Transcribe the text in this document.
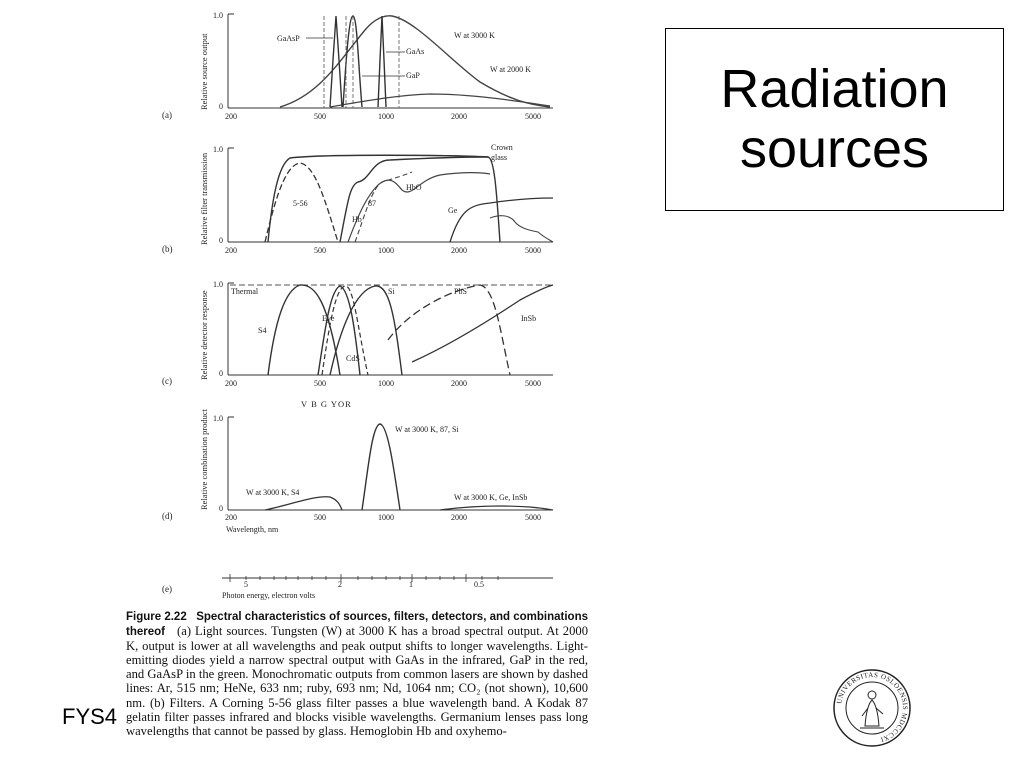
(a)
Relative source output
1.0
0
200	500	1000	2000	5000
GaAsP
GaAs
GaP
W at 3000 K
W at 2000 K
(b)
Relative filter transmission
1.0
0
200	500	1000	2000	5000
Crown
glass
HbO
5-56	87
Hb
Ge
(c)
Relative detector response
1.0
0
200	500	1000	2000	5000
Thermal	Si	PbS
S4
Eye	InSb
CdS
V B G YOR
(d)
Relative combination product 1.0
0
200	500	1000	2000	5000
Wavelength, nm
W at 3000 K, 87, Si
W at 3000 K, S4
W at 3000 K, Ge, InSb
(e)	5	2	1	0.5
Photon energy, electron volts
FYS4
Figure 2.22 Spectral characteristics of sources, filters, detectors, and combinations thereof (a) Light sources. Tungsten (W) at 3000 K has a broad spectral output. At 2000 K, output is lower at all wavelengths and peak output shifts to longer wavelengths. Light-emitting diodes yield a narrow spectral output with GaAs in the infrared, GaP in the red, and GaAsP in the green. Monochromatic outputs from common lasers are shown by dashed lines: Ar, 515 nm; HeNe, 633 nm; ruby, 693 nm; Nd, 1064 nm; CO₂ (not shown), 10,600 nm. (b) Filters. A Corning 5-56 glass filter passes a blue wavelength band. A Kodak 87 gelatin filter passes infrared and blocks visible wavelengths. Germanium lenses pass long wavelengths that cannot be passed by glass. Hemoglobin Hb and oxyhemo-
Radiation
sources
UNIVERSITAS OSLOENSIS MDCCCXI
